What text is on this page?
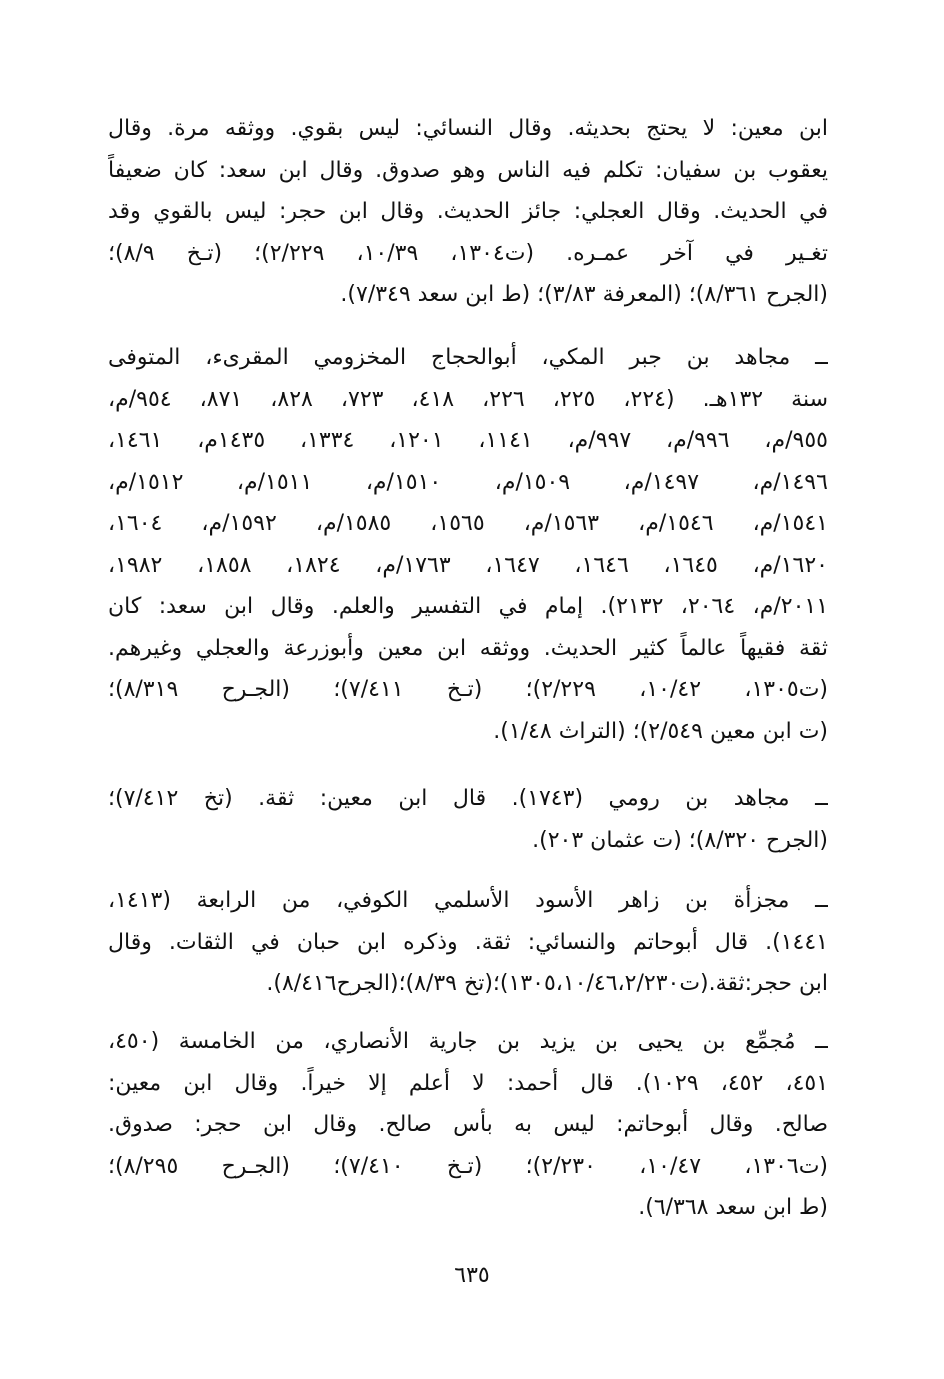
ابن معين: لا يحتج بحديثه. وقال النسائي: ليس بقوي. ووثقه مرة. وقال
يعقوب بن سفيان: تكلم فيه الناس وهو صدوق. وقال ابن سعد: كان ضعيفاً
في الحديث. وقال العجلي: جائز الحديث. وقال ابن حجر: ليس بالقوي وقد
تغـير في آخر عمـره. (ت١٣٠٤، ١٠/٣٩، ٢/٢٢٩)؛ (تـخ ٨/٩)؛
(الجرح ٨/٣٦١)؛ (المعرفة ٣/٨٣)؛ (ط ابن سعد ٧/٣٤٩).
ــ مجاهد بن جبر المكي، أبوالحجاج المخزومي المقرىء، المتوفى
سنة ١٣٢هـ. (٢٢٤، ٢٢٥، ٢٢٦، ٤١٨، ٧٢٣، ٨٢٨، ٨٧١، ٩٥٤/م،
٩٥٥/م، ٩٩٦/م، ٩٩٧/م، ١١٤١، ١٢٠١، ١٣٣٤، ١٤٣٥م، ١٤٦١،
١٤٩٦/م، ١٤٩٧/م، ١٥٠٩/م، ١٥١٠/م، ١٥١١/م، ١٥١٢/م،
١٥٤١/م، ١٥٤٦/م، ١٥٦٣/م، ١٥٦٥، ١٥٨٥/م، ١٥٩٢/م، ١٦٠٤،
١٦٢٠/م، ١٦٤٥، ١٦٤٦، ١٦٤٧، ١٧٦٣/م، ١٨٢٤، ١٨٥٨، ١٩٨٢،
٢٠١١/م، ٢٠٦٤، ٢١٣٢). إمام في التفسير والعلم. وقال ابن سعد: كان
ثقة فقيهاً عالماً كثير الحديث. ووثقه ابن معين وأبوزرعة والعجلي وغيرهم.
(ت١٣٠٥، ١٠/٤٢، ٢/٢٢٩)؛ (تـخ ٧/٤١١)؛ (الجـرح ٨/٣١٩)؛
(ت ابن معين ٢/٥٤٩)؛ (التراث ١/٤٨).
ــ مجاهد بن رومي (١٧٤٣). قال ابن معين: ثقة. (تخ ٧/٤١٢)؛
(الجرح ٨/٣٢٠)؛ (ت عثمان ٢٠٣).
ــ مجزأة بن زاهر الأسود الأسلمي الكوفي، من الرابعة (١٤١٣،
١٤٤١). قال أبوحاتم والنسائي: ثقة. وذكره ابن حبان في الثقات. وقال
ابن حجر:ثقة.(ت١٣٠٥،١٠/٤٦،٢/٢٣٠)؛(تخ ٨/٣٩)؛(الجرح٨/٤١٦).
ــ مُجمِّع بن يحيى بن يزيد بن جارية الأنصاري، من الخامسة (٤٥٠،
٤٥١، ٤٥٢، ١٠٢٩). قال أحمد: لا أعلم إلا خيراً. وقال ابن معين:
صالح. وقال أبوحاتم: ليس به بأس صالح. وقال ابن حجر: صدوق.
(ت١٣٠٦، ١٠/٤٧، ٢/٢٣٠)؛ (تـخ ٧/٤١٠)؛ (الجـرح ٨/٢٩٥)؛
(ط ابن سعد ٦/٣٦٨).
٦٣٥
